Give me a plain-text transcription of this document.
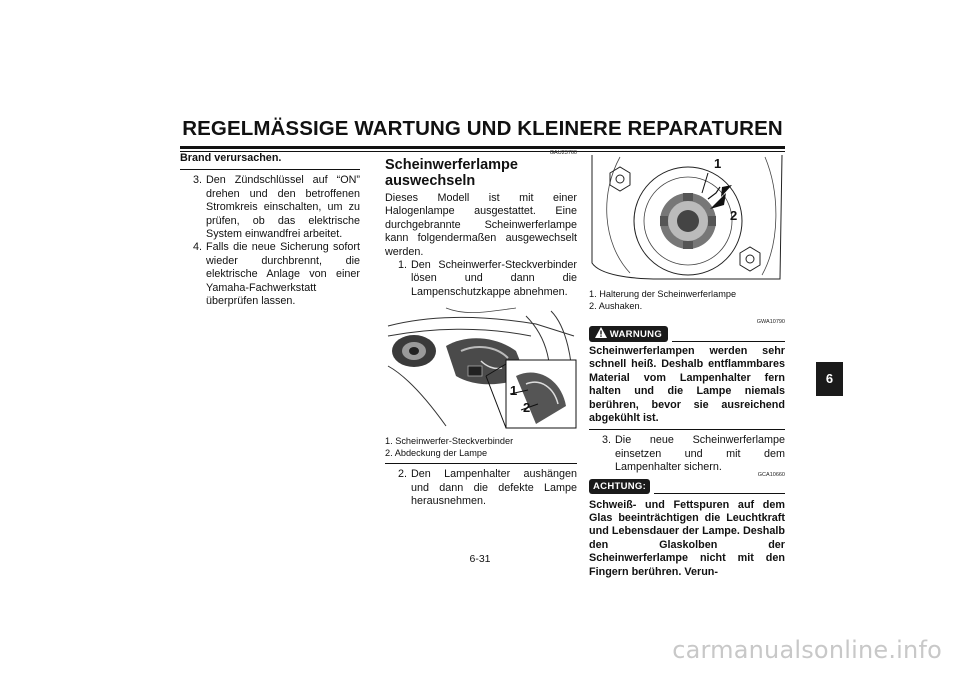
REGELMÄSSIGE WARTUNG UND KLEINERE REPARATUREN
Brand verursachen.
3. Den Zündschlüssel auf “ON” drehen und den betroffenen Stromkreis einschalten, um zu prüfen, ob das elektrische System einwandfrei arbeitet.
4. Falls die neue Sicherung sofort wieder durchbrennt, die elektrische Anlage von einer Yamaha-Fachwerkstatt überprüfen lassen.
GAU23760
Scheinwerferlampe auswechseln
Dieses Modell ist mit einer Halogenlampe ausgestattet. Eine durchgebrannte Scheinwerferlampe kann folgendermaßen ausgewechselt werden.
1. Den Scheinwerfer-Steckverbinder lösen und dann die Lampenschutzkappe abnehmen.
1
2
1. Scheinwerfer-Steckverbinder
2. Abdeckung der Lampe
2. Den Lampenhalter aushängen und dann die defekte Lampe herausnehmen.
1
2
1. Halterung der Scheinwerferlampe
2. Aushaken.
GWA10790
WARNUNG
Scheinwerferlampen werden sehr schnell heiß. Deshalb entflammbares Material vom Lampenhalter fern halten und die Lampe niemals berühren, bevor sie ausreichend abgekühlt ist.
3. Die neue Scheinwerferlampe einsetzen und mit dem Lampenhalter sichern.
GCA10660
ACHTUNG:
Schweiß- und Fettspuren auf dem Glas beeinträchtigen die Leuchtkraft und Lebensdauer der Lampe. Deshalb den Glaskolben der Scheinwerferlampe nicht mit den Fingern berühren. Verun-
6
6-31
carmanualsonline.info
